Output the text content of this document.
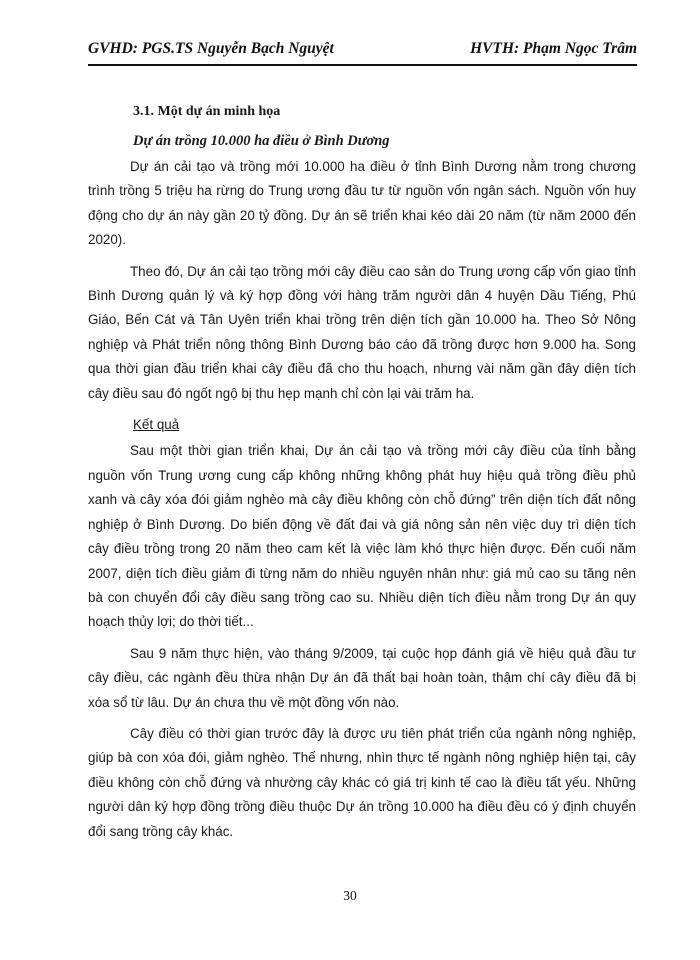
GVHD: PGS.TS Nguyễn Bạch Nguyệt	HVTH: Phạm Ngọc Trâm
3.1. Một dự án minh họa
Dự án trồng 10.000 ha điều ở Bình Dương

Dự án cải tạo và trồng mới 10.000 ha điều ở tỉnh Bình Dương nằm trong chương trình trồng 5 triệu ha rừng do Trung ương đầu tư từ nguồn vốn ngân sách. Nguồn vốn huy động cho dự án này gần 20 tỷ đồng. Dự án sẽ triển khai kéo dài 20 năm (từ năm 2000 đến 2020).

Theo đó, Dự án cải tạo trồng mới cây điều cao sản do Trung ương cấp vốn giao tỉnh Bình Dương quản lý và ký hợp đồng với hàng trăm người dân 4 huyện Dầu Tiếng, Phú Giáo, Bến Cát và Tân Uyên triển khai trồng trên diện tích gần 10.000 ha. Theo Sở Nông nghiệp và Phát triển nông thông Bình Dương báo cáo đã trồng được hơn 9.000 ha. Song qua thời gian đầu triển khai cây điều đã cho thu hoạch, nhưng vài năm gần đây diện tích cây điều sau đó ngốt ngộ bị thu hẹp mạnh chỉ còn lại vài trăm ha.

Kết quả

Sau một thời gian triển khai, Dự án cải tạo và trồng mới cây điều của tỉnh bằng nguồn vốn Trung ương cung cấp không những không phát huy hiệu quả trồng điều phủ xanh và cây xóa đói giảm nghèo mà cây điều không còn chỗ đứng” trên diện tích đất nông nghiệp ở Bình Dương. Do biến động về đất đai và giá nông sản nên việc duy trì diện tích cây điều trồng trong 20 năm theo cam kết là việc làm khó thực hiện được. Đến cuối năm 2007, diện tích điều giảm đi từng năm do nhiều nguyên nhân như: giá mủ cao su tăng nên bà con chuyển đổi cây điều sang trồng cao su. Nhiều diện tích điều nằm trong Dự án quy hoạch thủy lợi; do thời tiết...

Sau 9 năm thực hiện, vào tháng 9/2009, tại cuộc họp đánh giá về hiệu quả đầu tư cây điều, các ngành đều thừa nhận Dự án đã thất bại hoàn toàn, thậm chí cây điều đã bị xóa sổ từ lâu. Dự án chưa thu về một đồng vốn nào.

Cây điều có thời gian trước đây là được ưu tiên phát triển của ngành nông nghiệp, giúp bà con xóa đói, giảm nghèo. Thế nhưng, nhìn thực tế ngành nông nghiệp hiện tại, cây điều không còn chỗ đứng và nhường cây khác có giá trị kinh tế cao là điều tất yếu. Những người dân ký hợp đồng trồng điều thuộc Dự án trồng 10.000 ha điều đều có ý định chuyển đổi sang trồng cây khác.

30
